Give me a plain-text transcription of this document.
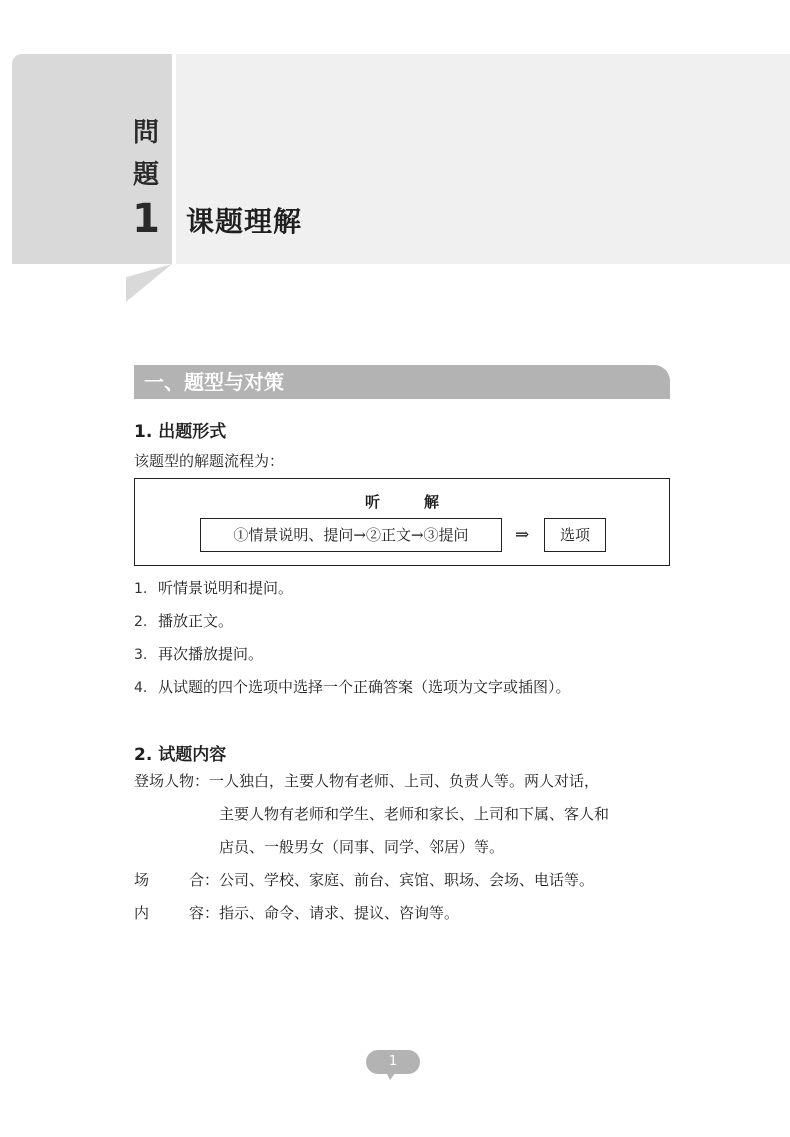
問
題
1 课题理解
一、题型与对策
1. 出题形式
该题型的解题流程为：
听	解
①情景说明、提问→②正文→③提问	⇒	选项
1. 听情景说明和提问。
2. 播放正文。
3. 再次播放提问。
4. 从试题的四个选项中选择一个正确答案（选项为文字或插图）。
2. 试题内容
登场人物：一人独白，主要人物有老师、上司、负责人等。两人对话，
主要人物有老师和学生、老师和家长、上司和下属、客人和
店员、一般男女（同事、同学、邻居）等。
场	合：公司、学校、家庭、前台、宾馆、职场、会场、电话等。
内	容：指示、命令、请求、提议、咨询等。
1
